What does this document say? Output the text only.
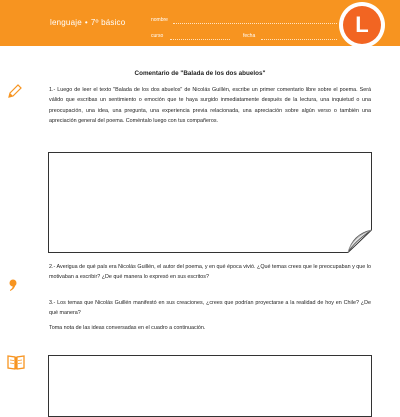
lenguaje • 7º básico	nombre
curso	fecha	L
Comentario de "Balada de los dos abuelos"
1.- Luego de leer el texto "Balada de los dos abuelos" de Nicolás Guillén, escribe un primer comentario libre sobre el poema. Será válido que escribas un sentimiento o emoción que te haya surgido inmediatamente después de la lectura, una inquietud o una preocupación, una idea, una pregunta, una experiencia previa relacionada, una apreciación sobre algún verso o también una apreciación general del poema. Coméntalo luego con tus compañeros.
2.- Averigua de qué país era Nicolás Guillén, el autor del poema, y en qué época vivió. ¿Qué temas crees que le preocupaban y que lo motivaban a escribir? ¿De qué manera lo expresó en sus escritos?
3.- Los temas que Nicolás Guillén manifestó en sus creaciones, ¿crees que podrían proyectarse a la realidad de hoy en Chile? ¿De qué manera?
Toma nota de las ideas conversadas en el cuadro a continuación.
